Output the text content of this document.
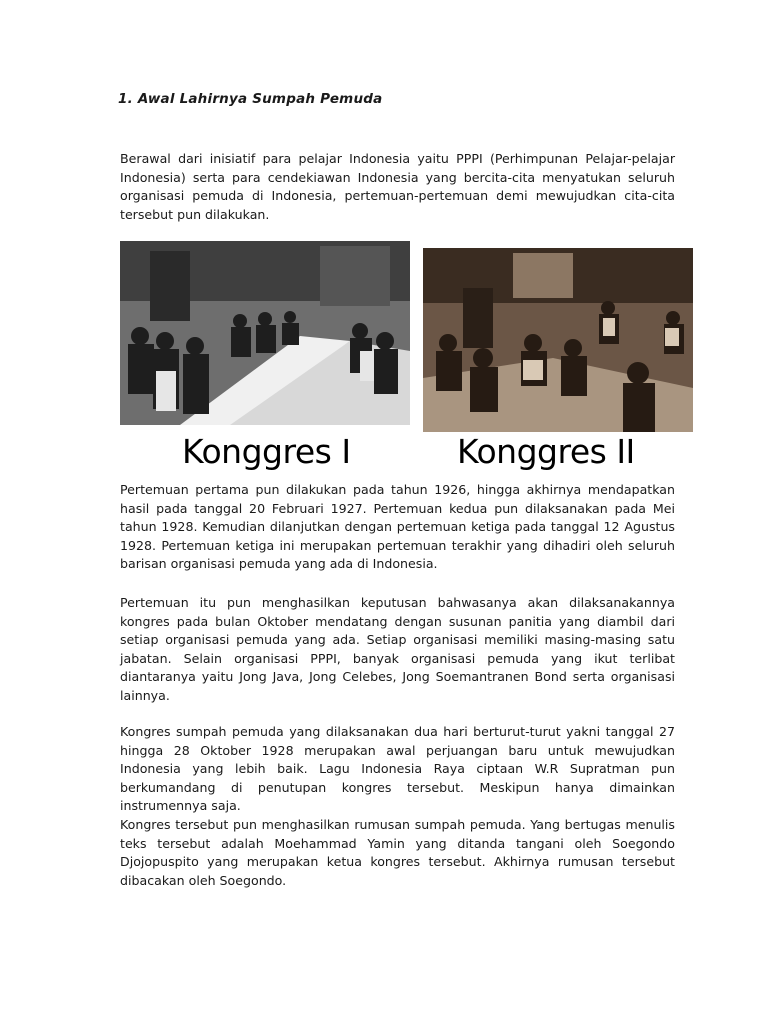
1. Awal Lahirnya Sumpah Pemuda

Berawal dari inisiatif para pelajar Indonesia yaitu PPPI (Perhimpunan Pelajar-pelajar Indonesia) serta para cendekiawan Indonesia yang bercita-cita menyatukan seluruh organisasi pemuda di Indonesia, pertemuan-pertemuan demi mewujudkan cita-cita tersebut pun dilakukan.

Konggres I	Konggres II

Pertemuan pertama pun dilakukan pada tahun 1926, hingga akhirnya mendapatkan hasil pada tanggal 20 Februari 1927. Pertemuan kedua pun dilaksanakan pada Mei tahun 1928. Kemudian dilanjutkan dengan pertemuan ketiga pada tanggal 12 Agustus 1928. Pertemuan ketiga ini merupakan pertemuan terakhir yang dihadiri oleh seluruh barisan organisasi pemuda yang ada di Indonesia.

Pertemuan itu pun menghasilkan keputusan bahwasanya akan dilaksanakannya kongres pada bulan Oktober mendatang dengan susunan panitia yang diambil dari setiap organisasi pemuda yang ada. Setiap organisasi memiliki masing-masing satu jabatan. Selain organisasi PPPI, banyak organisasi pemuda yang ikut terlibat diantaranya yaitu Jong Java, Jong Celebes, Jong Soemantranen Bond serta organisasi lainnya.

Kongres sumpah pemuda yang dilaksanakan dua hari berturut-turut yakni tanggal 27 hingga 28 Oktober 1928 merupakan awal perjuangan baru untuk mewujudkan Indonesia yang lebih baik. Lagu Indonesia Raya ciptaan W.R Supratman pun berkumandang di penutupan kongres tersebut. Meskipun hanya dimainkan instrumennya saja.
Kongres tersebut pun menghasilkan rumusan sumpah pemuda. Yang bertugas menulis teks tersebut adalah Moehammad Yamin yang ditanda tangani oleh Soegondo Djojopuspito yang merupakan ketua kongres tersebut. Akhirnya rumusan tersebut dibacakan oleh Soegondo.
